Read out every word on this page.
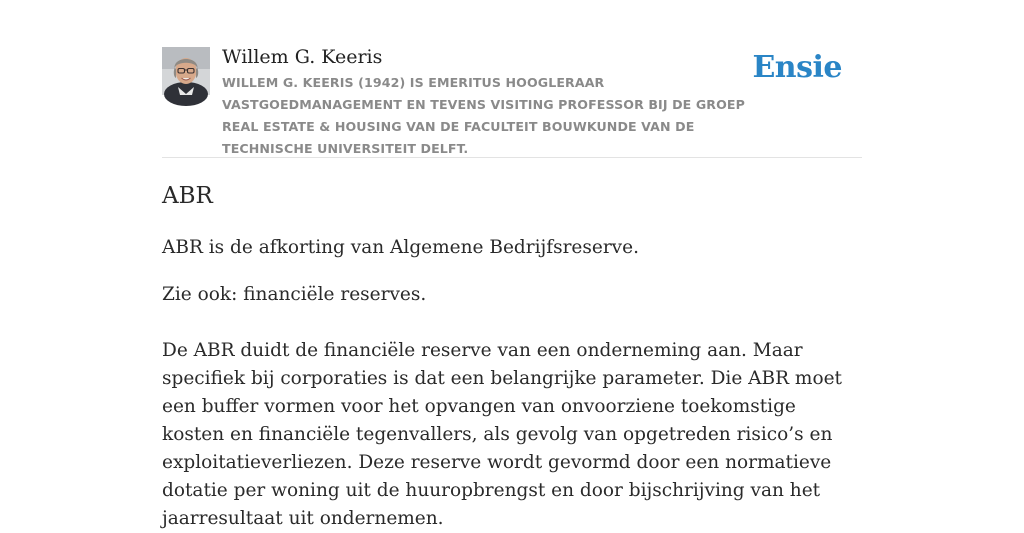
Willem G. Keeris
WILLEM G. KEERIS (1942) IS EMERITUS HOOGLERAAR VASTGOEDMANAGEMENT EN TEVENS VISITING PROFESSOR BIJ DE GROEP REAL ESTATE & HOUSING VAN DE FACULTEIT BOUWKUNDE VAN DE TECHNISCHE UNIVERSITEIT DELFT.
Ensie
ABR

ABR is de afkorting van Algemene Bedrijfsreserve.

Zie ook: financiële reserves.

De ABR duidt de financiële reserve van een onderneming aan. Maar specifiek bij corporaties is dat een belangrijke parameter. Die ABR moet een buffer vormen voor het opvangen van onvoorziene toekomstige kosten en financiële tegenvallers, als gevolg van opgetreden risico’s en exploitatieverliezen. Deze reserve wordt gevormd door een normatieve dotatie per woning uit de huuropbrengst en door bijschrijving van het jaarresultaat uit ondernemen.
